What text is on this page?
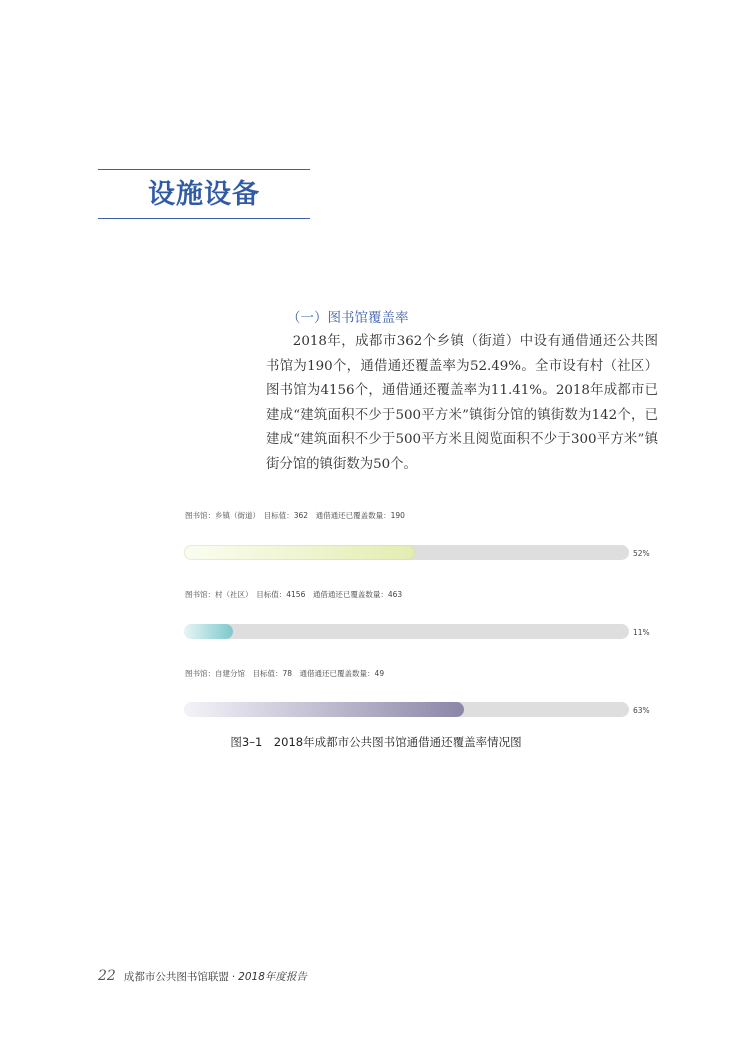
设施设备
（一）图书馆覆盖率
2018年，成都市362个乡镇（街道）中设有通借通还公共图书馆为190个，通借通还覆盖率为52.49%。全市设有村（社区）图书馆为4156个，通借通还覆盖率为11.41%。2018年成都市已建成“建筑面积不少于500平方米”镇街分馆的镇街数为142个，已建成“建筑面积不少于500平方米且阅览面积不少于300平方米”镇街分馆的镇街数为50个。
图书馆：乡镇（街道）　目标值：362　通借通还已覆盖数量：190
52%
图书馆：村（社区）　目标值：4156　通借通还已覆盖数量：463
11%
图书馆：自建分馆　目标值：78　通借通还已覆盖数量：49
63%
图3–1　2018年成都市公共图书馆通借通还覆盖率情况图
22 成都市公共图书馆联盟 · 2018年度报告
